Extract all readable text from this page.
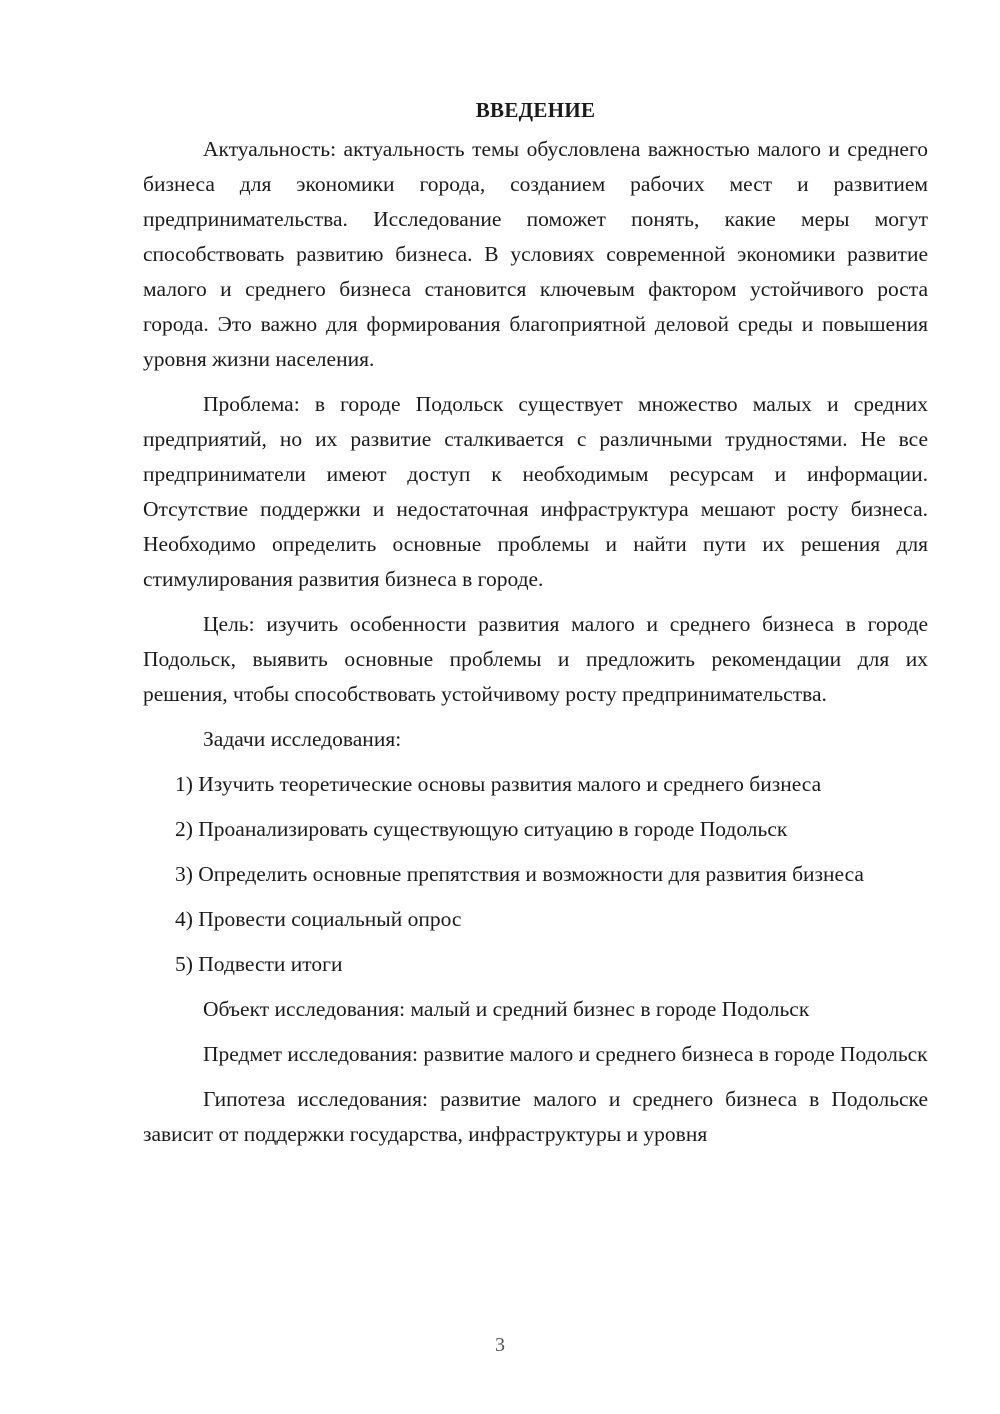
ВВЕДЕНИЕ

Актуальность: актуальность темы обусловлена важностью малого и среднего бизнеса для экономики города, созданием рабочих мест и развитием предпринимательства. Исследование поможет понять, какие меры могут способствовать развитию бизнеса. В условиях современной экономики развитие малого и среднего бизнеса становится ключевым фактором устойчивого роста города. Это важно для формирования благоприятной деловой среды и повышения уровня жизни населения.

Проблема: в городе Подольск существует множество малых и средних предприятий, но их развитие сталкивается с различными трудностями. Не все предприниматели имеют доступ к необходимым ресурсам и информации. Отсутствие поддержки и недостаточная инфраструктура мешают росту бизнеса. Необходимо определить основные проблемы и найти пути их решения для стимулирования развития бизнеса в городе.

Цель: изучить особенности развития малого и среднего бизнеса в городе Подольск, выявить основные проблемы и предложить рекомендации для их решения, чтобы способствовать устойчивому росту предпринимательства.

Задачи исследования:

1) Изучить теоретические основы развития малого и среднего бизнеса

2) Проанализировать существующую ситуацию в городе Подольск

3) Определить основные препятствия и возможности для развития бизнеса

4) Провести социальный опрос

5) Подвести итоги

Объект исследования: малый и средний бизнес в городе Подольск

Предмет исследования: развитие малого и среднего бизнеса в городе Подольск

Гипотеза исследования: развитие малого и среднего бизнеса в Подольске зависит от поддержки государства, инфраструктуры и уровня

3
